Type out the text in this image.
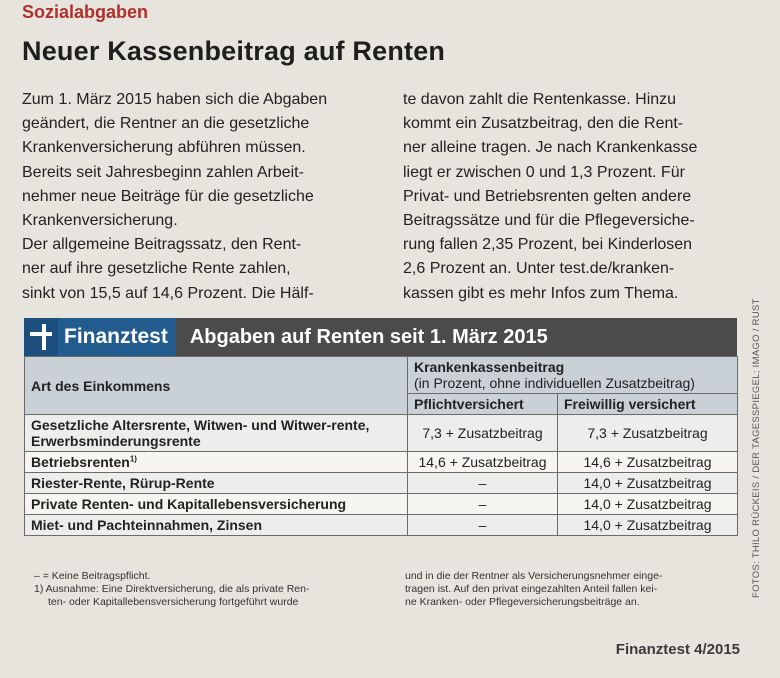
Sozialabgaben
Neuer Kassenbeitrag auf Renten
Zum 1. März 2015 haben sich die Abgaben
geändert, die Rentner an die gesetzliche
Krankenversicherung abführen müssen.
Bereits seit Jahresbeginn zahlen Arbeit-
nehmer neue Beiträge für die gesetzliche
Krankenversicherung.
Der allgemeine Beitragssatz, den Rent-
ner auf ihre gesetzliche Rente zahlen,
sinkt von 15,5 auf 14,6 Prozent. Die Hälf-
te davon zahlt die Rentenkasse. Hinzu
kommt ein Zusatzbeitrag, den die Rent-
ner alleine tragen. Je nach Krankenkasse
liegt er zwischen 0 und 1,3 Prozent. Für
Privat- und Betriebsrenten gelten andere
Beitragssätze und für die Pflegeversiche-
rung fallen 2,35 Prozent, bei Kinderlosen
2,6 Prozent an. Unter test.de/kranken-
kassen gibt es mehr Infos zum Thema.
Finanztest Abgaben auf Renten seit 1. März 2015
Art des Einkommens	Krankenkassenbeitrag
(in Prozent, ohne individuellen Zusatzbeitrag)	

	Pflichtversichert	Freiwillig versichert
Gesetzliche Altersrente, Witwen- und Witwer-rente, Erwerbsminderungsrente	7,3 + Zusatzbeitrag	7,3 + Zusatzbeitrag
Betriebsrenten$^{1)}$	14,6 + Zusatzbeitrag	14,6 + Zusatzbeitrag
Riester-Rente, Rürup-Rente	–	14,0 + Zusatzbeitrag
Private Renten- und Kapitallebensversicherung	–	14,0 + Zusatzbeitrag
Miet- und Pachteinnahmen, Zinsen	–	14,0 + Zusatzbeitrag
– = Keine Beitragspflicht.
1) Ausnahme: Eine Direktversicherung, die als private Ren-
ten- oder Kapitallebensversicherung fortgeführt wurde
und in die der Rentner als Versicherungsnehmer einge-
tragen ist. Auf den privat eingezahlten Anteil fallen kei-
ne Kranken- oder Pflegeversicherungsbeiträge an.
FOTOS: THILO RÜCKEIS / DER TAGESSPIEGEL; IMAGO / RUST
Finanztest 4/2015
